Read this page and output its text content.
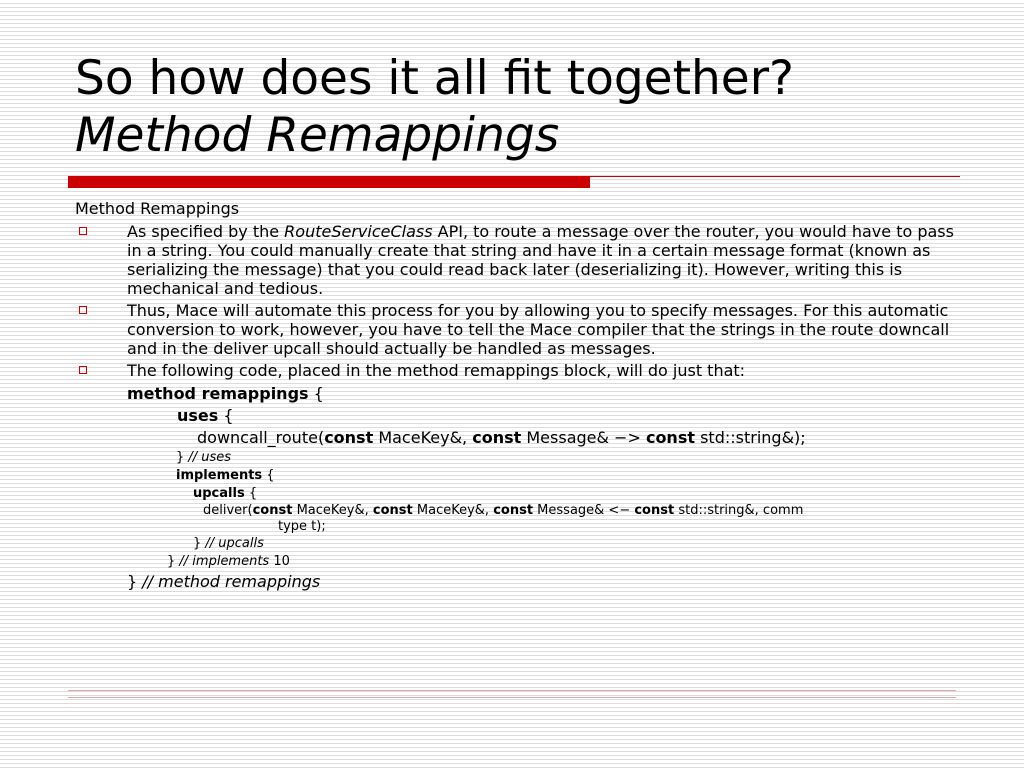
So how does it all fit together?
Method Remappings
Method Remappings
As specified by the RouteServiceClass API, to route a message over the router, you would have to pass in a string. You could manually create that string and have it in a certain message format (known as serializing the message) that you could read back later (deserializing it). However, writing this is mechanical and tedious.
Thus, Mace will automate this process for you by allowing you to specify messages. For this automatic conversion to work, however, you have to tell the Mace compiler that the strings in the route downcall and in the deliver upcall should actually be handled as messages.
The following code, placed in the method remappings block, will do just that:
method remappings {
uses {
downcall_route(const MaceKey&, const Message& −> const std::string&);
} // uses
implements {
upcalls {
deliver(const MaceKey&, const MaceKey&, const Message& <− const std::string&, comm
type t);
} // upcalls
} // implements 10
} // method remappings
